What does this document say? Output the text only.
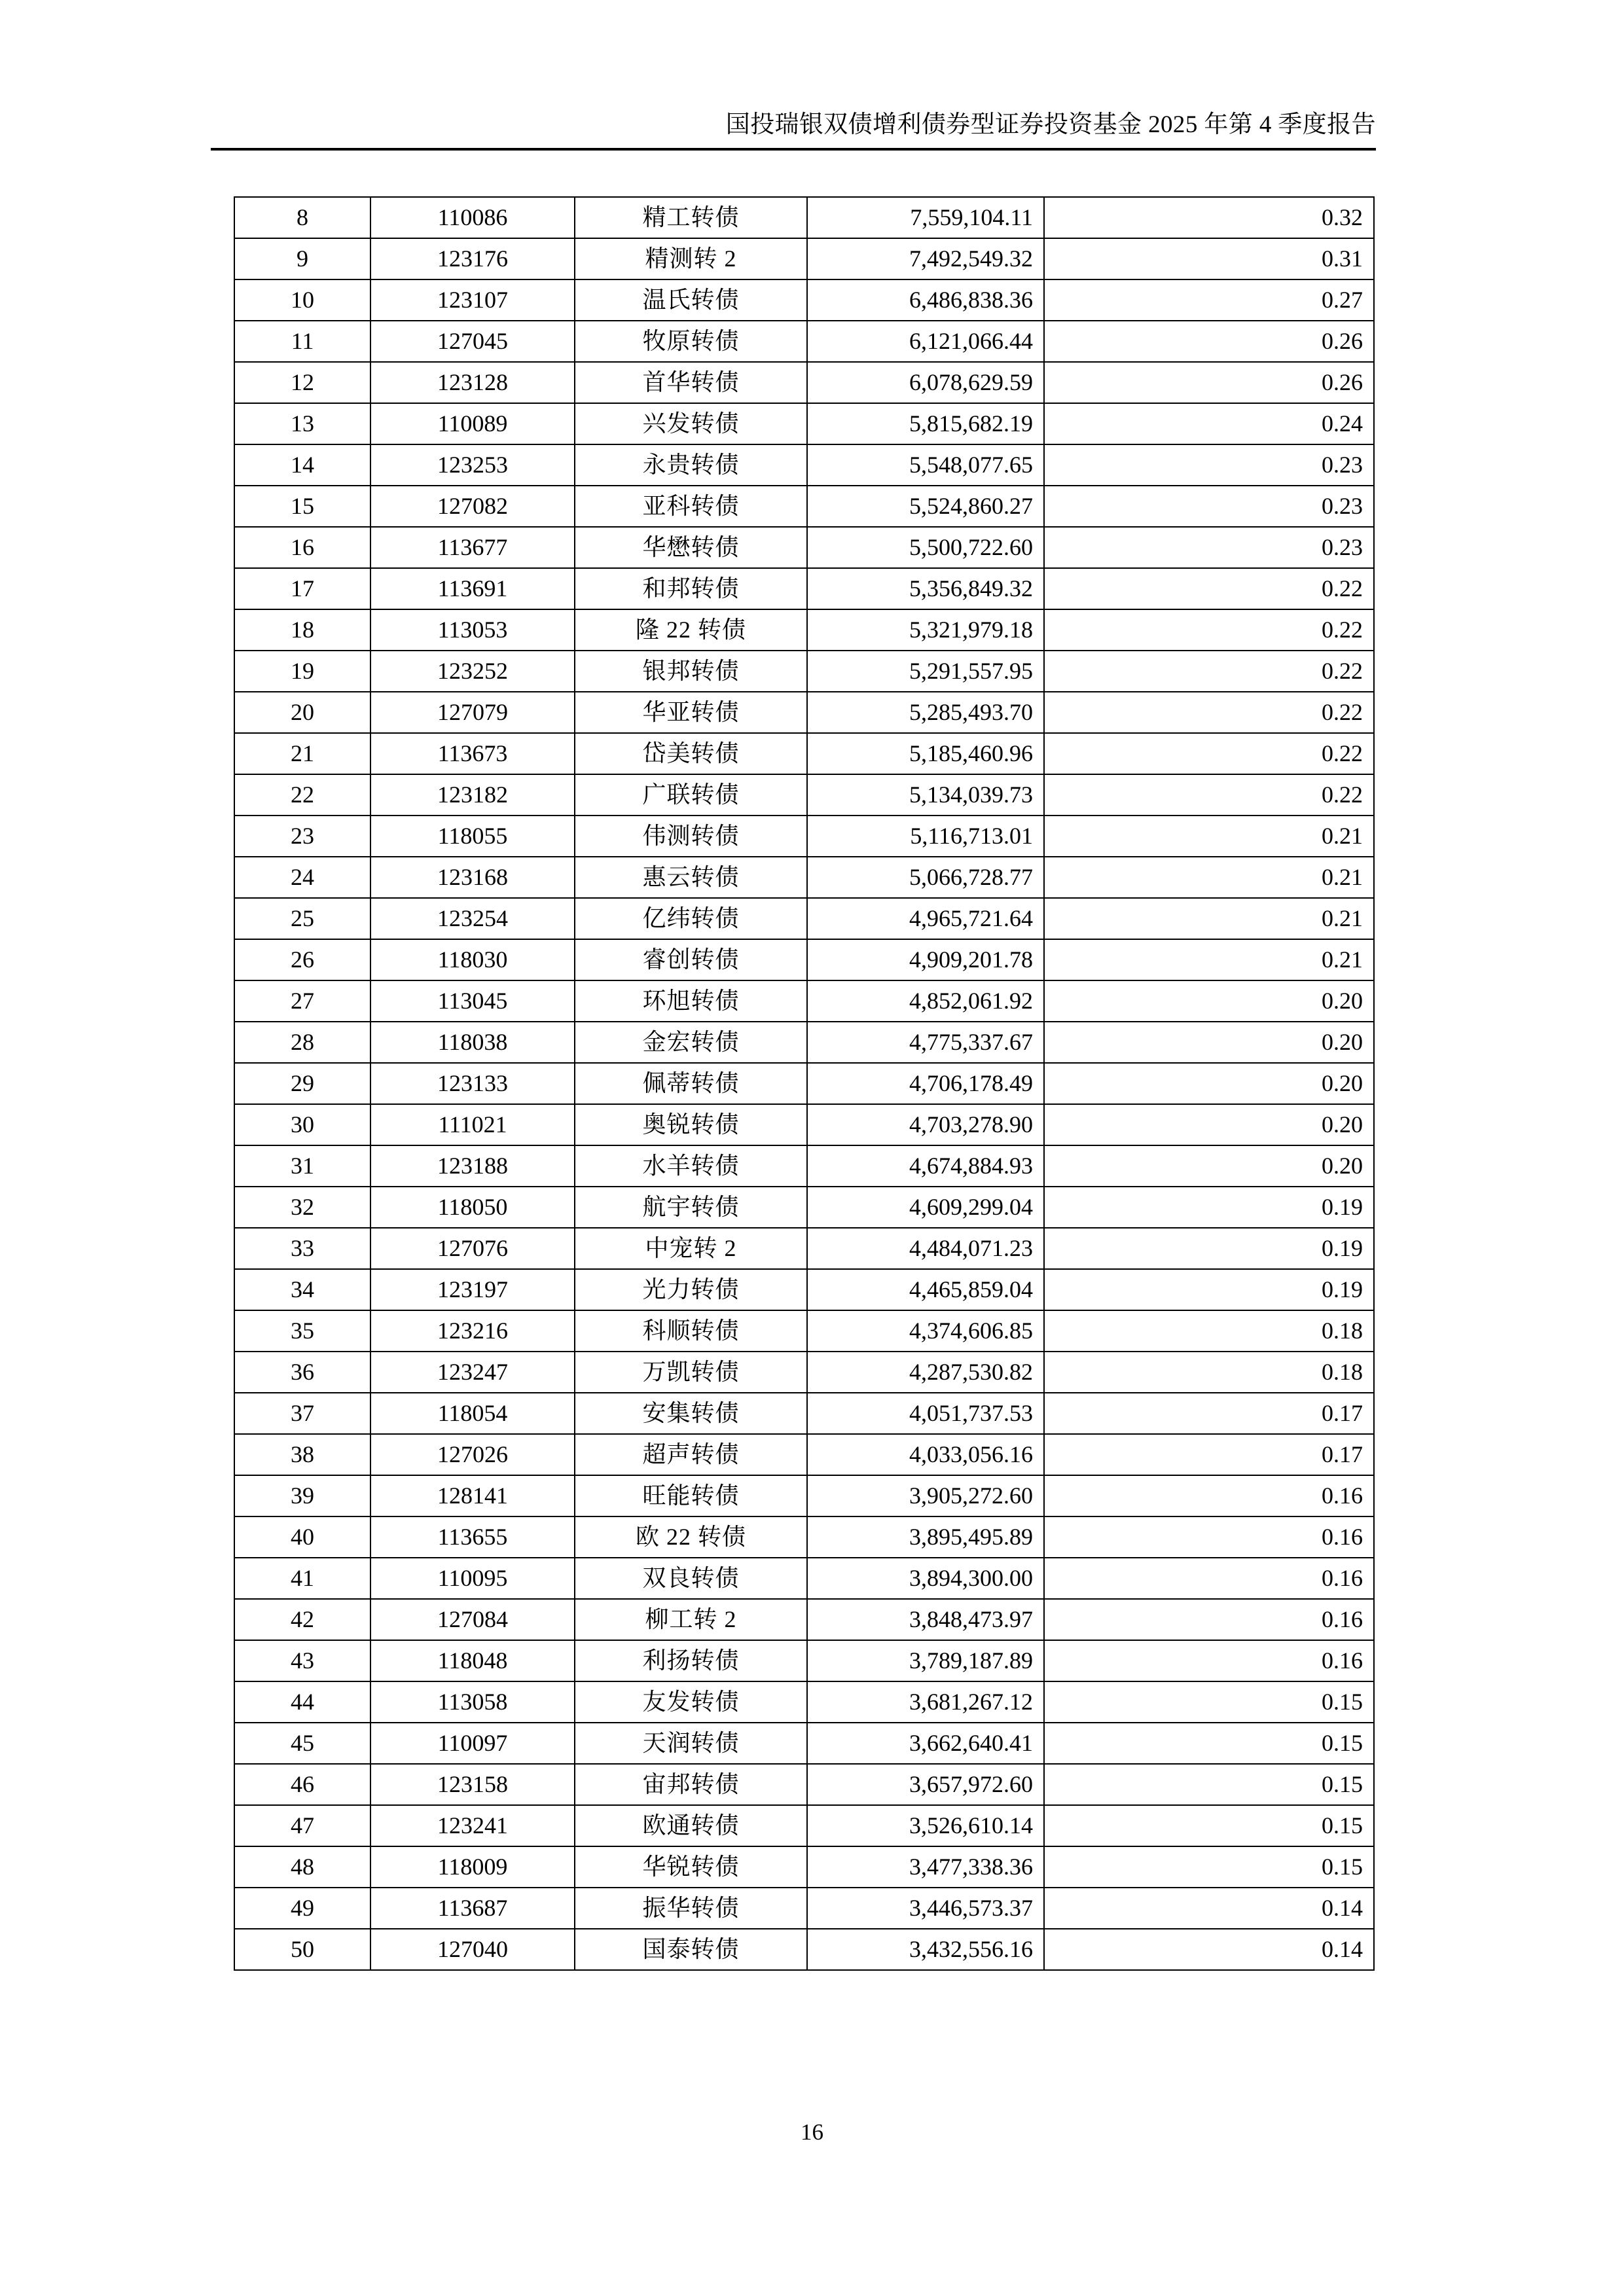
国投瑞银双债增利债券型证券投资基金 2025 年第 4 季度报告
8	110086	精工转债	7,559,104.11	0.32
9	123176	精测转 2	7,492,549.32	0.31
10	123107	温氏转债	6,486,838.36	0.27
11	127045	牧原转债	6,121,066.44	0.26
12	123128	首华转债	6,078,629.59	0.26
13	110089	兴发转债	5,815,682.19	0.24
14	123253	永贵转债	5,548,077.65	0.23
15	127082	亚科转债	5,524,860.27	0.23
16	113677	华懋转债	5,500,722.60	0.23
17	113691	和邦转债	5,356,849.32	0.22
18	113053	隆 22 转债	5,321,979.18	0.22
19	123252	银邦转债	5,291,557.95	0.22
20	127079	华亚转债	5,285,493.70	0.22
21	113673	岱美转债	5,185,460.96	0.22
22	123182	广联转债	5,134,039.73	0.22
23	118055	伟测转债	5,116,713.01	0.21
24	123168	惠云转债	5,066,728.77	0.21
25	123254	亿纬转债	4,965,721.64	0.21
26	118030	睿创转债	4,909,201.78	0.21
27	113045	环旭转债	4,852,061.92	0.20
28	118038	金宏转债	4,775,337.67	0.20
29	123133	佩蒂转债	4,706,178.49	0.20
30	111021	奥锐转债	4,703,278.90	0.20
31	123188	水羊转债	4,674,884.93	0.20
32	118050	航宇转债	4,609,299.04	0.19
33	127076	中宠转 2	4,484,071.23	0.19
34	123197	光力转债	4,465,859.04	0.19
35	123216	科顺转债	4,374,606.85	0.18
36	123247	万凯转债	4,287,530.82	0.18
37	118054	安集转债	4,051,737.53	0.17
38	127026	超声转债	4,033,056.16	0.17
39	128141	旺能转债	3,905,272.60	0.16
40	113655	欧 22 转债	3,895,495.89	0.16
41	110095	双良转债	3,894,300.00	0.16
42	127084	柳工转 2	3,848,473.97	0.16
43	118048	利扬转债	3,789,187.89	0.16
44	113058	友发转债	3,681,267.12	0.15
45	110097	天润转债	3,662,640.41	0.15
46	123158	宙邦转债	3,657,972.60	0.15
47	123241	欧通转债	3,526,610.14	0.15
48	118009	华锐转债	3,477,338.36	0.15
49	113687	振华转债	3,446,573.37	0.14
50	127040	国泰转债	3,432,556.16	0.14
16
